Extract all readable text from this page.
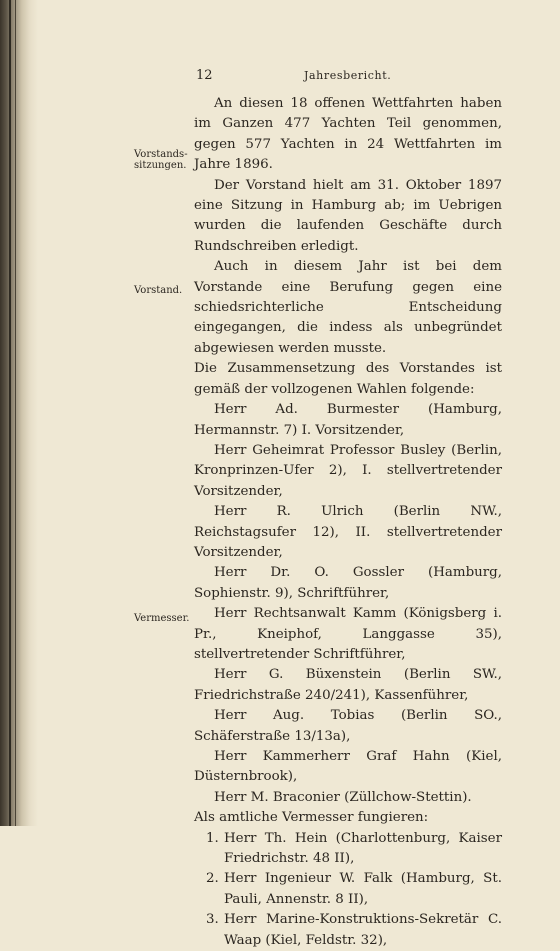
12	Jahresbericht.
Vorstands-
sitzungen.
Vorstand.
Vermesser.

An diesen 18 offenen Wettfahrten haben im Ganzen 477 Yachten Teil genommen, gegen 577 Yachten in 24 Wettfahrten im Jahre 1896.

Der Vorstand hielt am 31. Oktober 1897 eine Sitzung in Hamburg ab; im Uebrigen wurden die laufenden Geschäfte durch Rundschreiben erledigt.

Auch in diesem Jahr ist bei dem Vorstande eine Berufung gegen eine schiedsrichterliche Entscheidung eingegangen, die indess als unbegründet abgewiesen werden musste.

Die Zusammensetzung des Vorstandes ist gemäß der vollzogenen Wahlen folgende:

Herr Ad. Burmester (Hamburg, Hermannstr. 7) I. Vorsitzender,

Herr Geheimrat Professor Busley (Berlin, Kronprinzen-Ufer 2), I. stellvertretender Vorsitzender,

Herr R. Ulrich (Berlin NW., Reichstagsufer 12), II. stellvertretender Vorsitzender,

Herr Dr. O. Gossler (Hamburg, Sophienstr. 9), Schriftführer,

Herr Rechtsanwalt Kamm (Königsberg i. Pr., Kneiphof, Langgasse 35), stellvertretender Schriftführer,

Herr G. Büxenstein (Berlin SW., Friedrichstraße 240/241), Kassenführer,

Herr Aug. Tobias (Berlin SO., Schäferstraße 13/13a),

Herr Kammerherr Graf Hahn (Kiel, Düsternbrook),

Herr M. Braconier (Züllchow-Stettin).

Als amtliche Vermesser fungieren:

1. Herr Th. Hein (Charlottenburg, Kaiser Friedrichstr. 48 II),
2. Herr Ingenieur W. Falk (Hamburg, St. Pauli, Annenstr. 8 II),
3. Herr Marine-Konstruktions-Sekretär C. Waap (Kiel, Feldstr. 32),
